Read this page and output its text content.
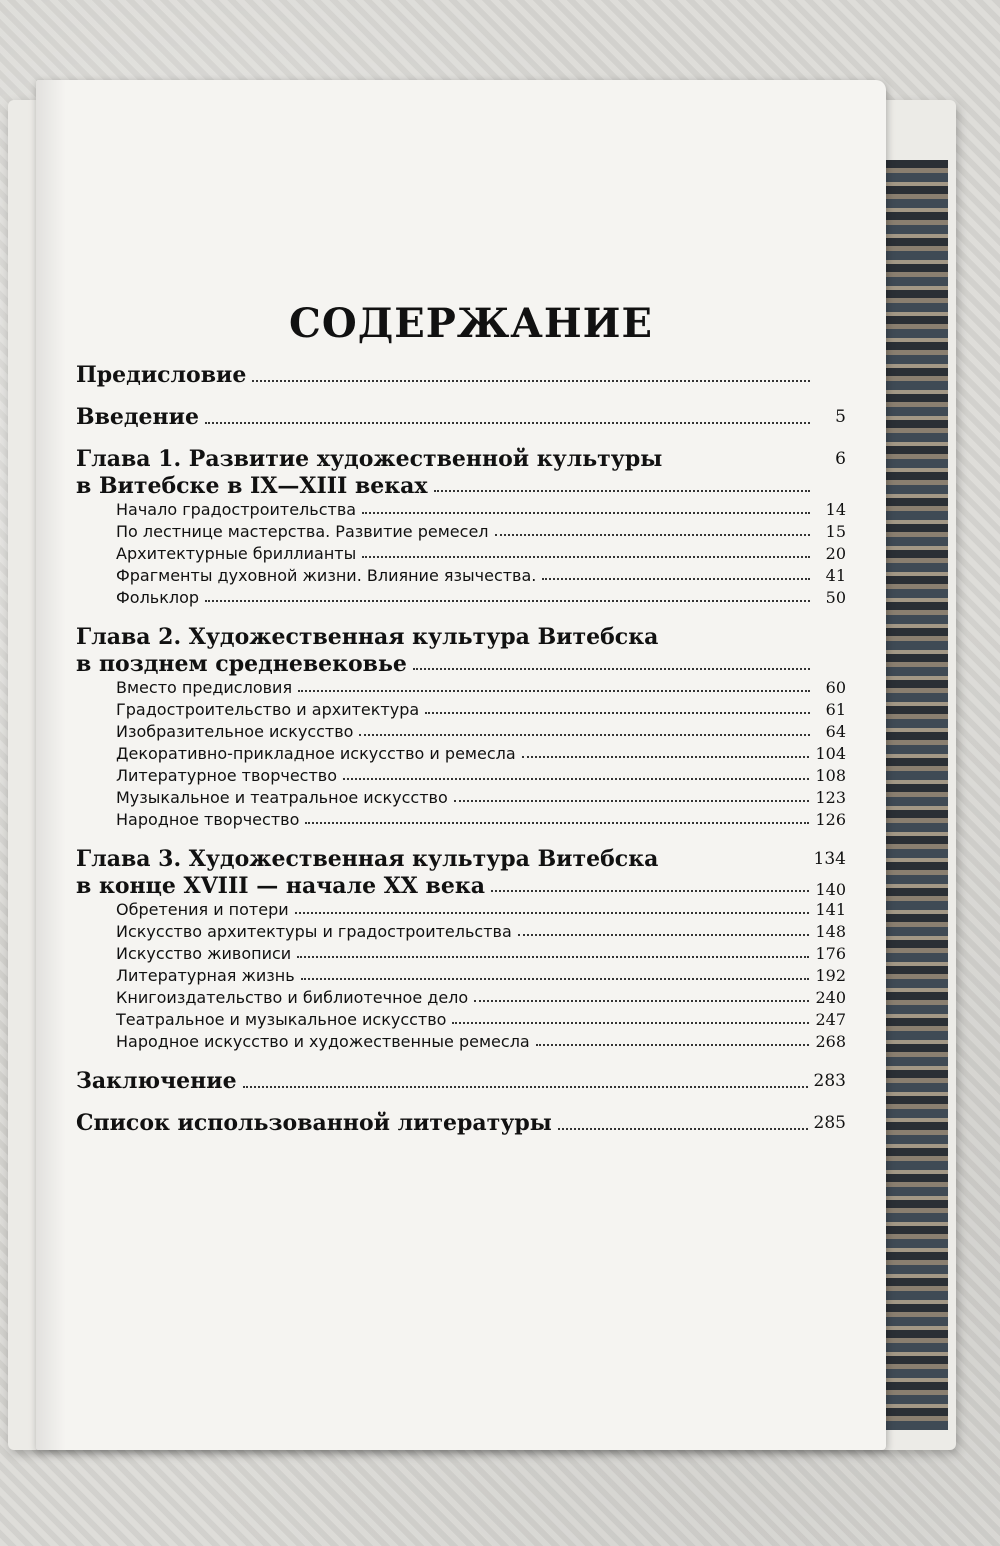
СОДЕРЖАНИЕ
Предисловие
Введение	5
Глава 1. Развитие художественной культуры	6
в Витебске в IX—XIII веках
Начало градостроительства	14
По лестнице мастерства. Развитие ремесел	15
Архитектурные бриллианты	20
Фрагменты духовной жизни. Влияние язычества.	41
Фольклор	50
Глава 2. Художественная культура Витебска
в позднем средневековье
Вместо предисловия	60
Градостроительство и архитектура	61
Изобразительное искусство	64
Декоративно-прикладное искусство и ремесла	104
Литературное творчество	108
Музыкальное и театральное искусство	123
Народное творчество	126
Глава 3. Художественная культура Витебска	134
в конце XVIII — начале XX века	140
Обретения и потери	141
Искусство архитектуры и градостроительства	148
Искусство живописи	176
Литературная жизнь	192
Книгоиздательство и библиотечное дело	240
Театральное и музыкальное искусство	247
Народное искусство и художественные ремесла	268
Заключение	283
Список использованной литературы	285
